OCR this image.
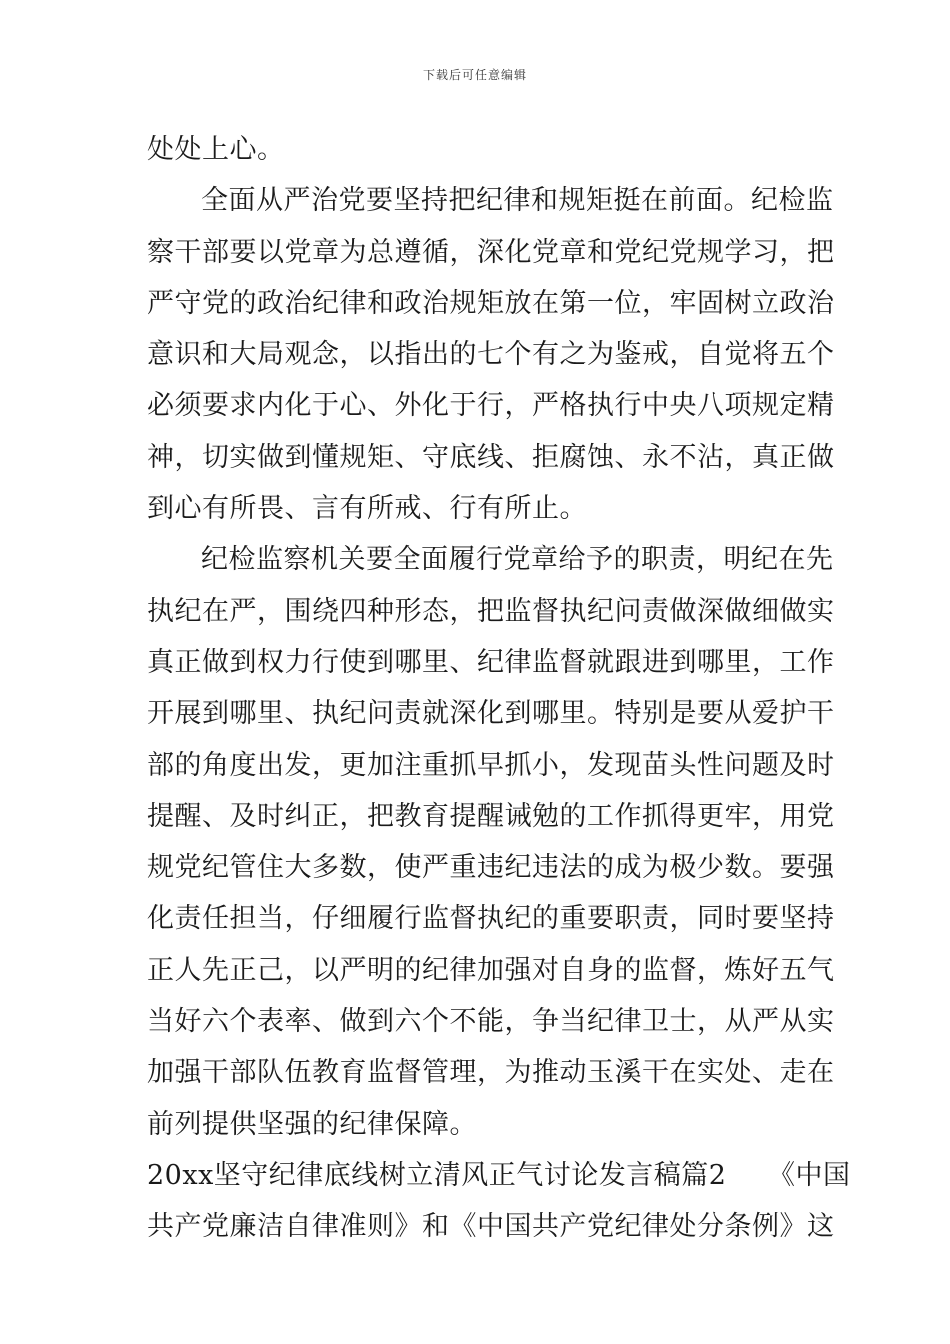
下载后可任意编辑
处处上心。
全面从严治党要坚持把纪律和规矩挺在前面。纪检监
察干部要以党章为总遵循，深化党章和党纪党规学习，把
严守党的政治纪律和政治规矩放在第一位，牢固树立政治
意识和大局观念，以指出的七个有之为鉴戒，自觉将五个
必须要求内化于心、外化于行，严格执行中央八项规定精
神，切实做到懂规矩、守底线、拒腐蚀、永不沾，真正做
到心有所畏、言有所戒、行有所止。
纪检监察机关要全面履行党章给予的职责，明纪在先
执纪在严，围绕四种形态，把监督执纪问责做深做细做实
真正做到权力行使到哪里、纪律监督就跟进到哪里，工作
开展到哪里、执纪问责就深化到哪里。特别是要从爱护干
部的角度出发，更加注重抓早抓小，发现苗头性问题及时
提醒、及时纠正，把教育提醒诫勉的工作抓得更牢，用党
规党纪管住大多数，使严重违纪违法的成为极少数。要强
化责任担当，仔细履行监督执纪的重要职责，同时要坚持
正人先正己，以严明的纪律加强对自身的监督，炼好五气
当好六个表率、做到六个不能，争当纪律卫士，从严从实
加强干部队伍教育监督管理，为推动玉溪干在实处、走在
前列提供坚强的纪律保障。
20xx坚守纪律底线树立清风正气讨论发言稿篇2　　《中国
共产党廉洁自律准则》和《中国共产党纪律处分条例》这
